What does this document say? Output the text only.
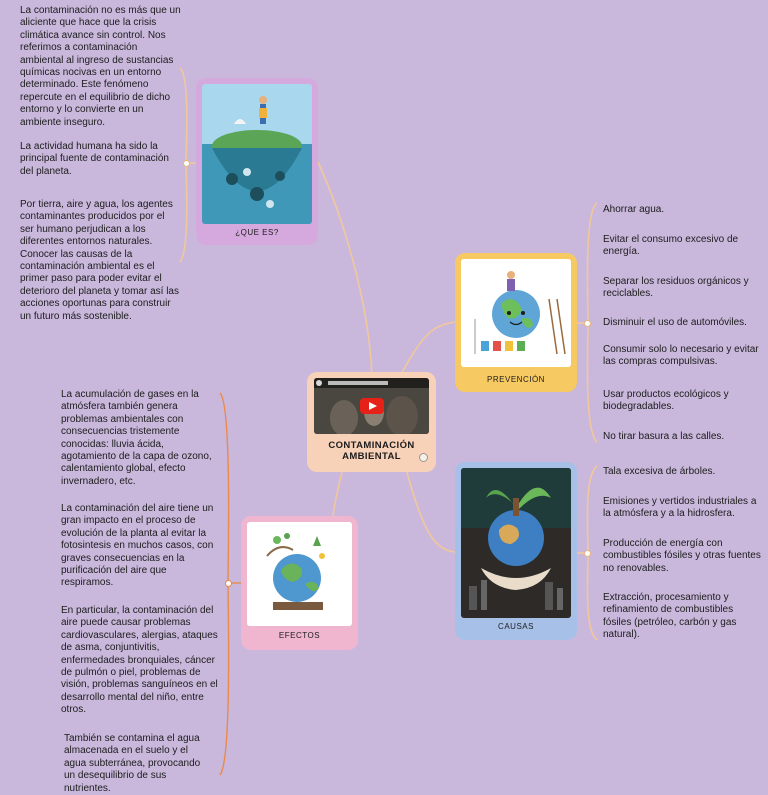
La contaminación no es más que un aliciente que hace que la crisis climática avance sin control. Nos referimos a contaminación ambiental al ingreso de sustancias químicas nocivas en un entorno determinado. Este fenómeno repercute en el equilibrio de dicho entorno y lo convierte en un ambiente inseguro.

La actividad humana ha sido la principal fuente de contaminación del planeta.

Por tierra, aire y agua, los agentes contaminantes producidos por el ser humano perjudican a los diferentes entornos naturales. Conocer las causas de la contaminación ambiental es el primer paso para poder evitar el deterioro del planeta y tomar así las acciones oportunas para construir un futuro más sostenible.

¿QUE ES?
CONTAMINACIÓN
AMBIENTAL
PREVENCIÓN

Ahorrar agua.

Evitar el consumo excesivo de energía.

Separar los residuos orgánicos y reciclables.

Disminuir el uso de automóviles.

Consumir solo lo necesario y evitar las compras compulsivas.

Usar productos ecológicos y biodegradables.

No tirar basura a las calles.

CAUSAS

Tala excesiva de árboles.

Emisiones y vertidos industriales a la atmósfera y a la hidrosfera.

Producción de energía con combustibles fósiles y otras fuentes no renovables.

Extracción, procesamiento y refinamiento de combustibles fósiles (petróleo, carbón y gas natural).

EFECTOS

La acumulación de gases en la atmósfera también genera problemas ambientales con consecuencias tristemente conocidas: lluvia ácida, agotamiento de la capa de ozono, calentamiento global, efecto invernadero, etc.

La contaminación del aire tiene un gran impacto en el proceso de evolución de la planta al evitar la fotosintesis en muchos casos, con graves consecuencias en la purificación del aire que respiramos.

En particular, la contaminación del aire puede causar problemas cardiovasculares, alergias, ataques de asma, conjuntivitis, enfermedades bronquiales, cáncer de pulmón o piel, problemas de visión, problemas sanguíneos en el desarrollo mental del niño, entre otros.

También se contamina el agua almacenada en el suelo y el agua subterránea, provocando un desequilibrio de sus nutrientes.
